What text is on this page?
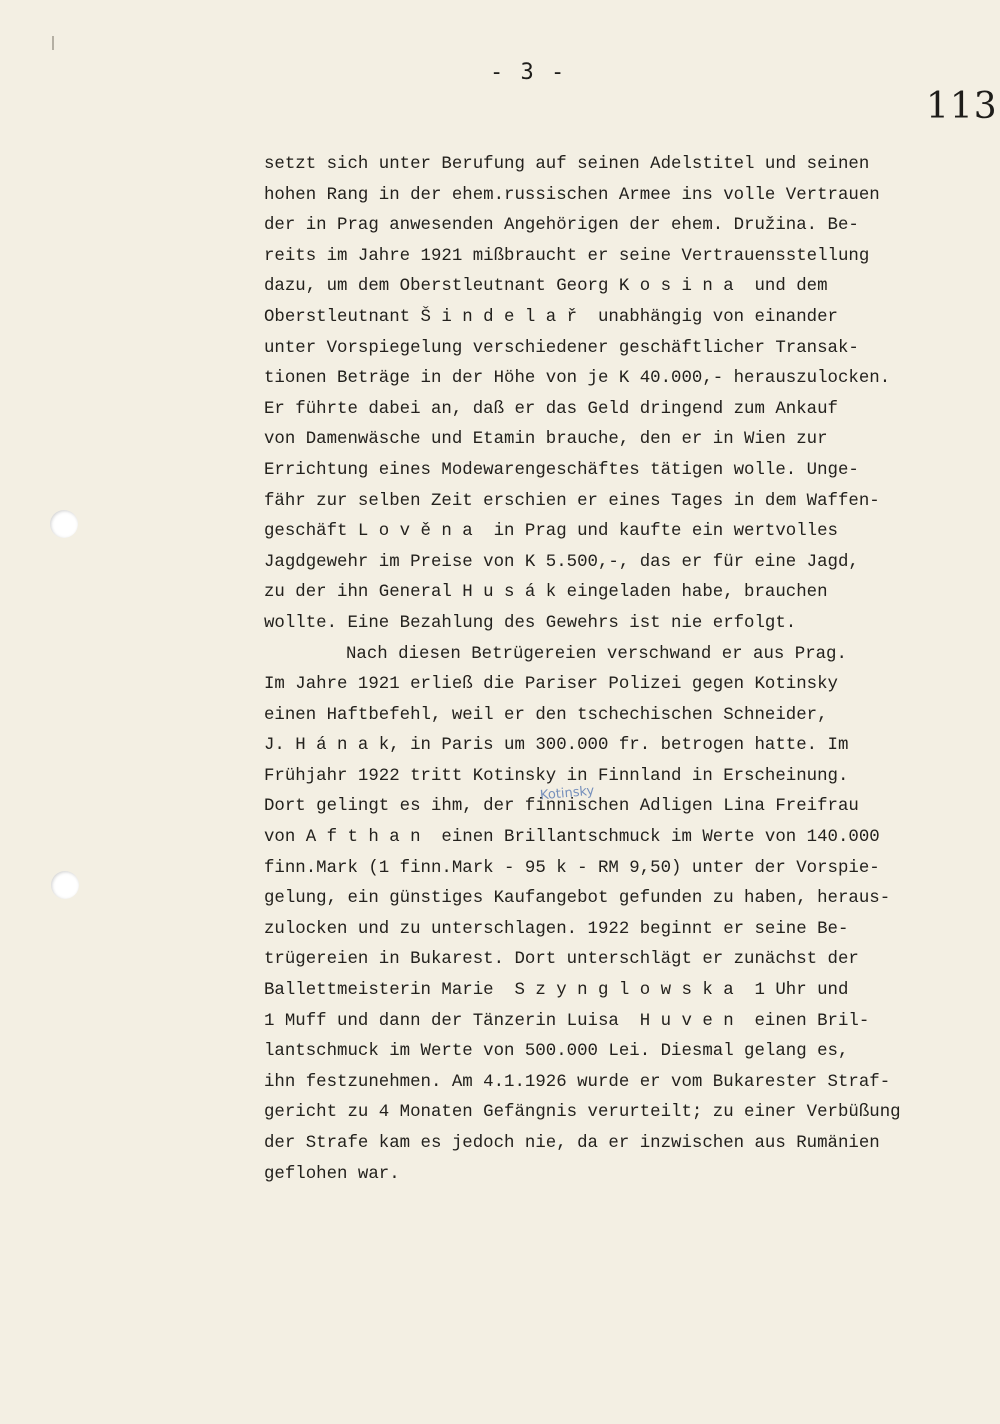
- 3 -
113
Kotinsky
setzt sich unter Berufung auf seinen Adelstitel und seinen
hohen Rang in der ehem.russischen Armee ins volle Vertrauen
der in Prag anwesenden Angehörigen der ehem. Družina. Be-
reits im Jahre 1921 mißbraucht er seine Vertrauensstellung
dazu, um dem Oberstleutnant Georg K o s i n a  und dem
Oberstleutnant Š i n d e l a ř  unabhängig von einander
unter Vorspiegelung verschiedener geschäftlicher Transak-
tionen Beträge in der Höhe von je K 40.000,- herauszulocken.
Er führte dabei an, daß er das Geld dringend zum Ankauf
von Damenwäsche und Etamin brauche, den er in Wien zur
Errichtung eines Modewarengeschäftes tätigen wolle. Unge-
fähr zur selben Zeit erschien er eines Tages in dem Waffen-
geschäft L o v ě n a  in Prag und kaufte ein wertvolles
Jagdgewehr im Preise von K 5.500,-, das er für eine Jagd,
zu der ihn General H u s á k eingeladen habe, brauchen
wollte. Eine Bezahlung des Gewehrs ist nie erfolgt.
Nach diesen Betrügereien verschwand er aus Prag.
Im Jahre 1921 erließ die Pariser Polizei gegen Kotinsky
einen Haftbefehl, weil er den tschechischen Schneider,
J. H á n a k, in Paris um 300.000 fr. betrogen hatte. Im
Frühjahr 1922 tritt Kotinsky in Finnland in Erscheinung.
Dort gelingt es ihm, der finnischen Adligen Lina Freifrau
von A f t h a n  einen Brillantschmuck im Werte von 140.000
finn.Mark (1 finn.Mark - 95 k - RM 9,50) unter der Vorspie-
gelung, ein günstiges Kaufangebot gefunden zu haben, heraus-
zulocken und zu unterschlagen. 1922 beginnt er seine Be-
trügereien in Bukarest. Dort unterschlägt er zunächst der
Ballettmeisterin Marie  S z y n g l o w s k a  1 Uhr und
1 Muff und dann der Tänzerin Luisa  H u v e n  einen Bril-
lantschmuck im Werte von 500.000 Lei. Diesmal gelang es,
ihn festzunehmen. Am 4.1.1926 wurde er vom Bukarester Straf-
gericht zu 4 Monaten Gefängnis verurteilt; zu einer Verbüßung
der Strafe kam es jedoch nie, da er inzwischen aus Rumänien
geflohen war.
